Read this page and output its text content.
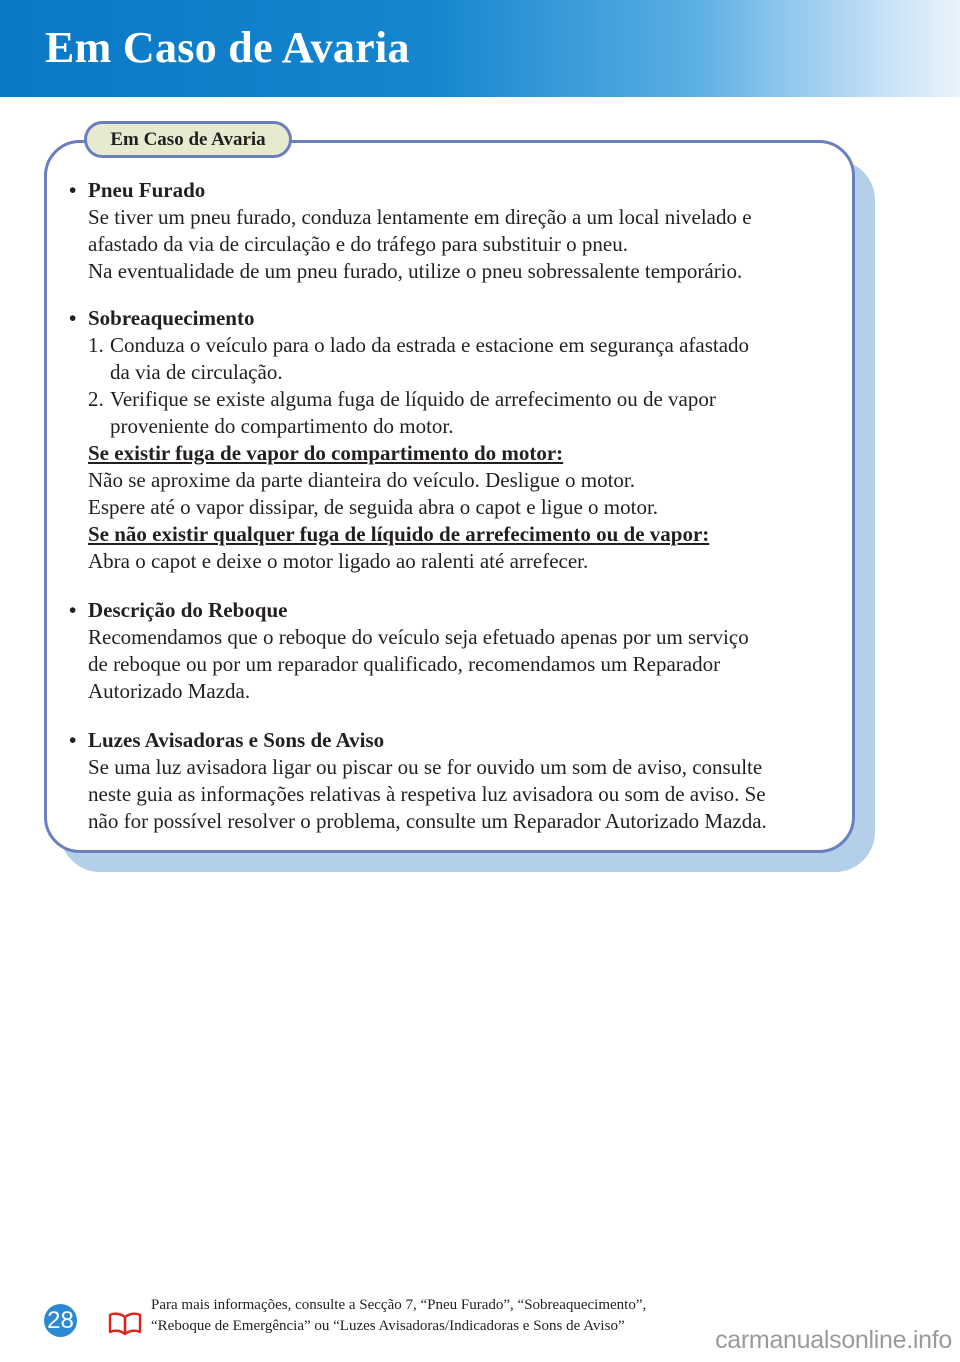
Em Caso de Avaria
Em Caso de Avaria
• Pneu Furado
Se tiver um pneu furado, conduza lentamente em direção a um local nivelado e
afastado da via de circulação e do tráfego para substituir o pneu.
Na eventualidade de um pneu furado, utilize o pneu sobressalente temporário.
• Sobreaquecimento
1. Conduza o veículo para o lado da estrada e estacione em segurança afastado
da via de circulação.
2. Verifique se existe alguma fuga de líquido de arrefecimento ou de vapor
proveniente do compartimento do motor.
Se existir fuga de vapor do compartimento do motor:
Não se aproxime da parte dianteira do veículo. Desligue o motor.
Espere até o vapor dissipar, de seguida abra o capot e ligue o motor.
Se não existir qualquer fuga de líquido de arrefecimento ou de vapor:
Abra o capot e deixe o motor ligado ao ralenti até arrefecer.
• Descrição do Reboque
Recomendamos que o reboque do veículo seja efetuado apenas por um serviço
de reboque ou por um reparador qualificado, recomendamos um Reparador
Autorizado Mazda.
• Luzes Avisadoras e Sons de Aviso
Se uma luz avisadora ligar ou piscar ou se for ouvido um som de aviso, consulte
neste guia as informações relativas à respetiva luz avisadora ou som de aviso. Se
não for possível resolver o problema, consulte um Reparador Autorizado Mazda.
28
Para mais informações, consulte a Secção 7, “Pneu Furado”, “Sobreaquecimento”,
“Reboque de Emergência” ou “Luzes Avisadoras/Indicadoras e Sons de Aviso”	carmanualsonline.info
